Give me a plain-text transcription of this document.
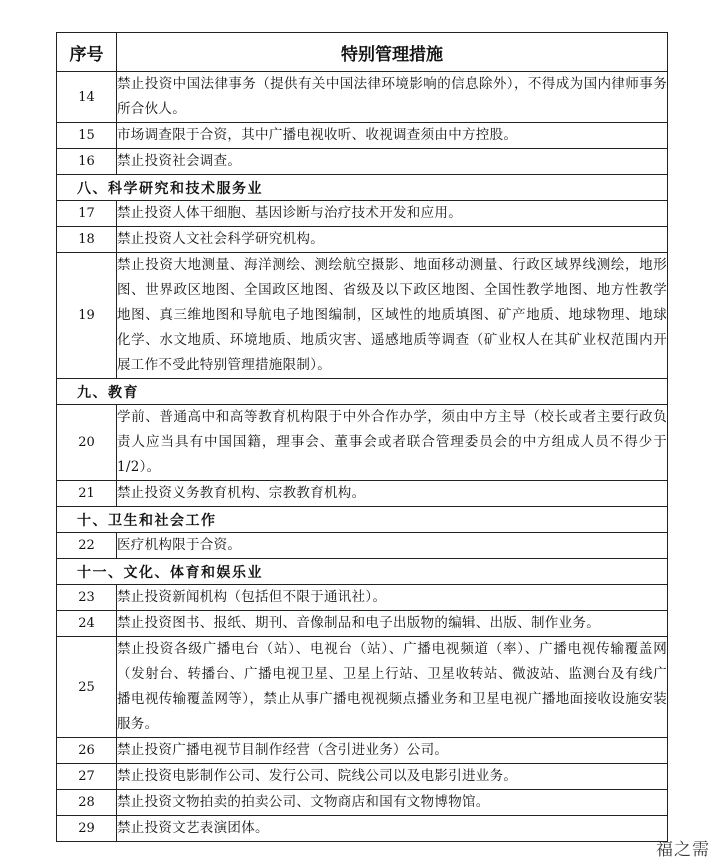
序号	特别管理措施
14	禁止投资中国法律事务（提供有关中国法律环境影响的信息除外），不得成为国内律师事务所合伙人。
15	市场调查限于合资，其中广播电视收听、收视调查须由中方控股。
16	禁止投资社会调查。
八、科学研究和技术服务业	
17	禁止投资人体干细胞、基因诊断与治疗技术开发和应用。
18	禁止投资人文社会科学研究机构。
19	禁止投资大地测量、海洋测绘、测绘航空摄影、地面移动测量、行政区域界线测绘，地形图、世界政区地图、全国政区地图、省级及以下政区地图、全国性教学地图、地方性教学地图、真三维地图和导航电子地图编制，区域性的地质填图、矿产地质、地球物理、地球化学、水文地质、环境地质、地质灾害、遥感地质等调查（矿业权人在其矿业权范围内开展工作不受此特别管理措施限制）。
九、教育	
20	学前、普通高中和高等教育机构限于中外合作办学，须由中方主导（校长或者主要行政负责人应当具有中国国籍，理事会、董事会或者联合管理委员会的中方组成人员不得少于 1/2）。
21	禁止投资义务教育机构、宗教教育机构。
十、卫生和社会工作	
22	医疗机构限于合资。
十一、文化、体育和娱乐业	
23	禁止投资新闻机构（包括但不限于通讯社）。
24	禁止投资图书、报纸、期刊、音像制品和电子出版物的编辑、出版、制作业务。
25	禁止投资各级广播电台（站）、电视台（站）、广播电视频道（率）、广播电视传输覆盖网（发射台、转播台、广播电视卫星、卫星上行站、卫星收转站、微波站、监测台及有线广播电视传输覆盖网等），禁止从事广播电视视频点播业务和卫星电视广播地面接收设施安装服务。
26	禁止投资广播电视节目制作经营（含引进业务）公司。
27	禁止投资电影制作公司、发行公司、院线公司以及电影引进业务。
28	禁止投资文物拍卖的拍卖公司、文物商店和国有文物博物馆。
29	禁止投资文艺表演团体。
福之需
